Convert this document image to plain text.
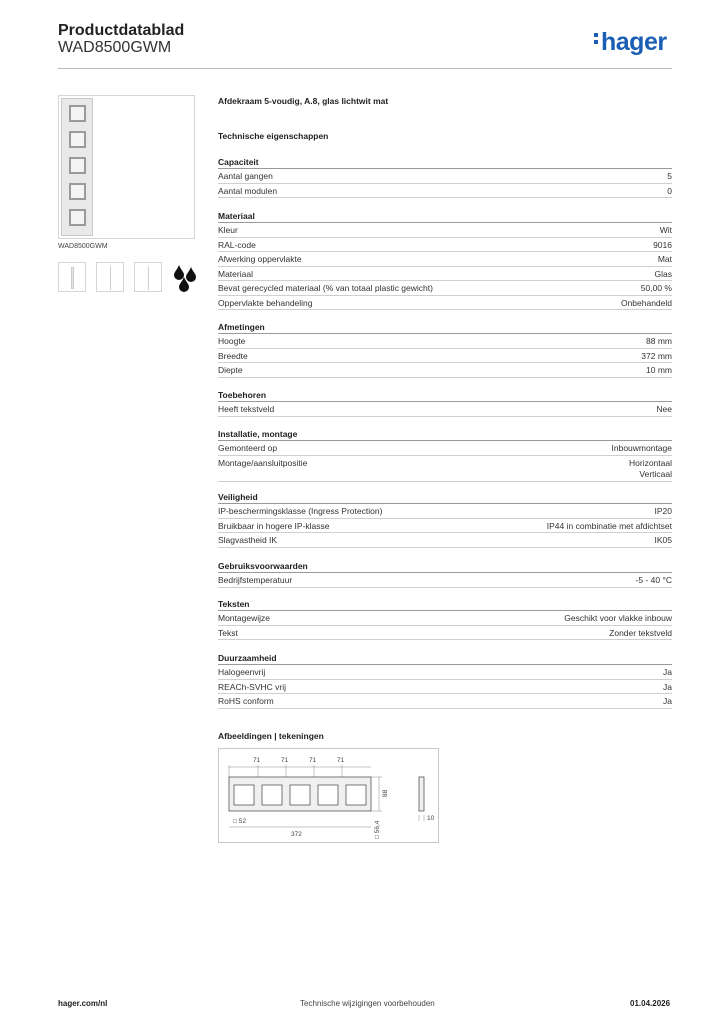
Productdatablad
WAD8500GWM	hager
WAD8500GWM
Afdekraam 5-voudig, A.8, glas lichtwit mat
Technische eigenschappen
Capaciteit
Aantal gangen	5
Aantal modulen	0
Materiaal
Kleur	Wit
RAL-code	9016
Afwerking oppervlakte	Mat
Materiaal	Glas
Bevat gerecycled materiaal (% van totaal plastic gewicht)	50,00 %
Oppervlakte behandeling	Onbehandeld
Afmetingen
Hoogte	88 mm
Breedte	372 mm
Diepte	10 mm
Toebehoren
Heeft tekstveld	Nee
Installatie, montage
Gemonteerd op	Inbouwmontage
Montage/aansluitpositie	Horizontaal
Verticaal
Veiligheid
IP-beschermingsklasse (Ingress Protection)	IP20
Bruikbaar in hogere IP-klasse	IP44 in combinatie met afdichtset
Slagvastheid IK	IK05
Gebruiksvoorwaarden
Bedrijfstemperatuur	-5 - 40 °C
Teksten
Montagewijze	Geschikt voor vlakke inbouw
Tekst	Zonder tekstveld
Duurzaamheid
Halogeenvrij	Ja
REACh-SVHC vrij	Ja
RoHS conform	Ja
Afbeeldingen | tekeningen
71	71	71	71
88
□ 52
372	□ 56,4
10
hager.com/nl	Technische wijzigingen voorbehouden	01.04.2026
